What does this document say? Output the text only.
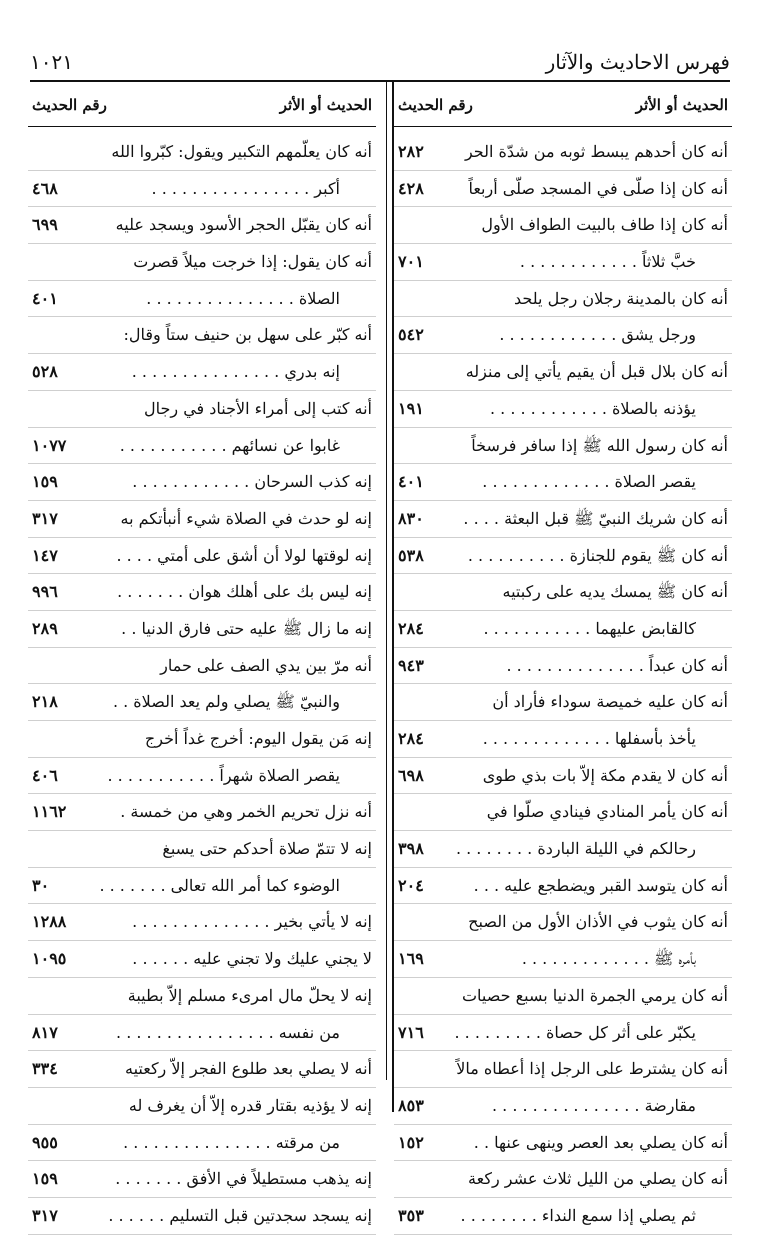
فهرس الاحاديث والآثار
١٠٢١
الحديث أو الأثر
رقم الحديث
الحديث أو الأثر
رقم الحديث
أنه كان أحدهم يبسط ثوبه من شدّة الحر
٢٨٢
أنه كان إذا صلّى في المسجد صلّى أربعاً
٤٢٨
أنه كان إذا طاف بالبيت الطواف الأول
خبَّ ثلاثاً . . . . . . . . . . . .
٧٠١
أنه كان بالمدينة رجلان رجل يلحد
ورجل يشق . . . . . . . . . . . .
٥٤٢
أنه كان بلال قبل أن يقيم يأتي إلى منزله
يؤذنه بالصلاة . . . . . . . . . . . .
١٩١
أنه كان رسول الله ﷺ إذا سافر فرسخاً
يقصر الصلاة . . . . . . . . . . . . .
٤٠١
أنه كان شريك النبيّ ﷺ قبل البعثة . . . .
٨٣٠
أنه كان ﷺ يقوم للجنازة . . . . . . . . . .
٥٣٨
أنه كان ﷺ يمسك يديه على ركبتيه
كالقابض عليهما . . . . . . . . . . .
٢٨٤
أنه كان عبداً . . . . . . . . . . . . . .
٩٤٣
أنه كان عليه خميصة سوداء فأراد أن
يأخذ بأسفلها . . . . . . . . . . . . .
٢٨٤
أنه كان لا يقدم مكة إلاّ بات بذي طوى
٦٩٨
أنه كان يأمر المنادي فينادي صلّوا في
رحالكم في الليلة الباردة . . . . . . . .
٣٩٨
أنه كان يتوسد القبر ويضطجع عليه . . .
٢٠٤
أنه كان يثوب في الأذان الأول من الصبح
بأمره ﷺ . . . . . . . . . . . . .
١٦٩
أنه كان يرمي الجمرة الدنيا بسبع حصيات
يكبّر على أثر كل حصاة . . . . . . . . .
٧١٦
أنه كان يشترط على الرجل إذا أعطاه مالاً
مقارضة . . . . . . . . . . . . . . .
٨٥٣
أنه كان يصلي بعد العصر وينهى عنها . .
١٥٢
أنه كان يصلي من الليل ثلاث عشر ركعة
ثم يصلي إذا سمع النداء . . . . . . . .
٣٥٣
أنه كان يعلّمهم التكبير ويقول: كبّروا الله
أكبر . . . . . . . . . . . . . . . .
٤٦٨
أنه كان يقبّل الحجر الأسود ويسجد عليه
٦٩٩
أنه كان يقول: إذا خرجت ميلاً قصرت
الصلاة . . . . . . . . . . . . . . .
٤٠١
أنه كبّر على سهل بن حنيف ستاً وقال:
إنه بدري . . . . . . . . . . . . . . .
٥٢٨
أنه كتب إلى أمراء الأجناد في رجال
غابوا عن نسائهم . . . . . . . . . . .
١٠٧٧
إنه كذب السرحان . . . . . . . . . . . .
١٥٩
إنه لو حدث في الصلاة شيء أنبأتكم به
٣١٧
إنه لوقتها لولا أن أشق على أمتي . . . .
١٤٧
إنه ليس بك على أهلك هوان . . . . . . .
٩٩٦
إنه ما زال ﷺ عليه حتى فارق الدنيا . .
٢٨٩
أنه مرّ بين يدي الصف على حمار
والنبيّ ﷺ يصلي ولم يعد الصلاة . .
٢١٨
إنه مَن يقول اليوم: أخرج غداً أخرج
يقصر الصلاة شهراً . . . . . . . . . . .
٤٠٦
أنه نزل تحريم الخمر وهي من خمسة .
١١٦٢
إنه لا تتمّ صلاة أحدكم حتى يسبغ
الوضوء كما أمر الله تعالى . . . . . . .
٣٠
إنه لا يأتي بخير . . . . . . . . . . . . . .
١٢٨٨
لا يجني عليك ولا تجني عليه . . . . . .
١٠٩٥
إنه لا يحلّ مال امرىء مسلم إلاّ بطيبة
من نفسه . . . . . . . . . . . . . . . .
٨١٧
أنه لا يصلي بعد طلوع الفجر إلاّ ركعتيه
٣٣٤
إنه لا يؤذيه بقتار قدره إلاّ أن يغرف له
من مرقته . . . . . . . . . . . . . . .
٩٥٥
إنه يذهب مستطيلاً في الأفق . . . . . . .
١٥٩
إنه يسجد سجدتين قبل التسليم . . . . . .
٣١٧
